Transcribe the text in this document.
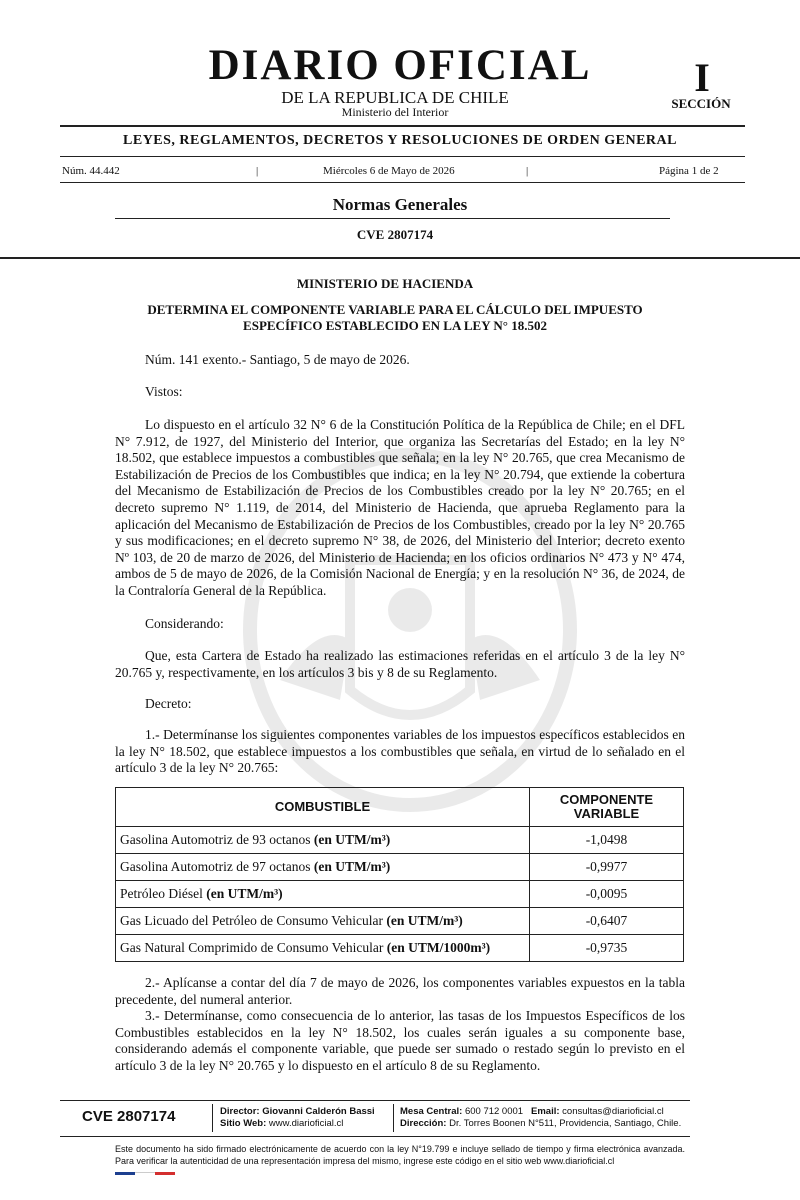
DIARIO OFICIAL
DE LA REPUBLICA DE CHILE
Ministerio del Interior
I
SECCIÓN
LEYES, REGLAMENTOS, DECRETOS Y RESOLUCIONES DE ORDEN GENERAL
Núm. 44.442	|	Miércoles 6 de Mayo de 2026	|	Página 1 de 2
Normas Generales
CVE 2807174
MINISTERIO DE HACIENDA
DETERMINA EL COMPONENTE VARIABLE PARA EL CÁLCULO DEL IMPUESTO ESPECÍFICO ESTABLECIDO EN LA LEY N° 18.502
Núm. 141 exento.- Santiago, 5 de mayo de 2026.
Vistos:
Lo dispuesto en el artículo 32 N° 6 de la Constitución Política de la República de Chile; en el DFL N° 7.912, de 1927, del Ministerio del Interior, que organiza las Secretarías del Estado; en la ley N° 18.502, que establece impuestos a combustibles que señala; en la ley N° 20.765, que crea Mecanismo de Estabilización de Precios de los Combustibles que indica; en la ley N° 20.794, que extiende la cobertura del Mecanismo de Estabilización de Precios de los Combustibles creado por la ley N° 20.765; en el decreto supremo N° 1.119, de 2014, del Ministerio de Hacienda, que aprueba Reglamento para la aplicación del Mecanismo de Estabilización de Precios de los Combustibles, creado por la ley N° 20.765 y sus modificaciones; en el decreto supremo N° 38, de 2026, del Ministerio del Interior; decreto exento Nº 103, de 20 de marzo de 2026, del Ministerio de Hacienda; en los oficios ordinarios N° 473 y N° 474, ambos de 5 de mayo de 2026, de la Comisión Nacional de Energía; y en la resolución N° 36, de 2024, de la Contraloría General de la República.
Considerando:
Que, esta Cartera de Estado ha realizado las estimaciones referidas en el artículo 3 de la ley N° 20.765 y, respectivamente, en los artículos 3 bis y 8 de su Reglamento.
Decreto:
1.- Determínanse los siguientes componentes variables de los impuestos específicos establecidos en la ley N° 18.502, que establece impuestos a los combustibles que señala, en virtud de lo señalado en el artículo 3 de la ley N° 20.765:
COMBUSTIBLE	COMPONENTE
VARIABLE
Gasolina Automotriz de 93 octanos (en UTM/m³)	-1,0498
Gasolina Automotriz de 97 octanos (en UTM/m³)	-0,9977
Petróleo Diésel (en UTM/m³)	-0,0095
Gas Licuado del Petróleo de Consumo Vehicular (en UTM/m³)	-0,6407
Gas Natural Comprimido de Consumo Vehicular (en UTM/1000m³)	-0,9735
2.- Aplícanse a contar del día 7 de mayo de 2026, los componentes variables expuestos en la tabla precedente, del numeral anterior.
3.- Determínanse, como consecuencia de lo anterior, las tasas de los Impuestos Específicos de los Combustibles establecidos en la ley N° 18.502, los cuales serán iguales a su componente base, considerando además el componente variable, que puede ser sumado o restado según lo previsto en el artículo 3 de la ley N° 20.765 y lo dispuesto en el artículo 8 de su Reglamento.
CVE 2807174	Director: Giovanni Calderón Bassi
Sitio Web: www.diarioficial.cl
Mesa Central: 600 712 0001 Email: consultas@diarioficial.cl
Dirección: Dr. Torres Boonen N°511, Providencia, Santiago, Chile.
Este documento ha sido firmado electrónicamente de acuerdo con la ley N°19.799 e incluye sellado de tiempo y firma electrónica avanzada. Para verificar la autenticidad de una representación impresa del mismo, ingrese este código en el sitio web www.diarioficial.cl
